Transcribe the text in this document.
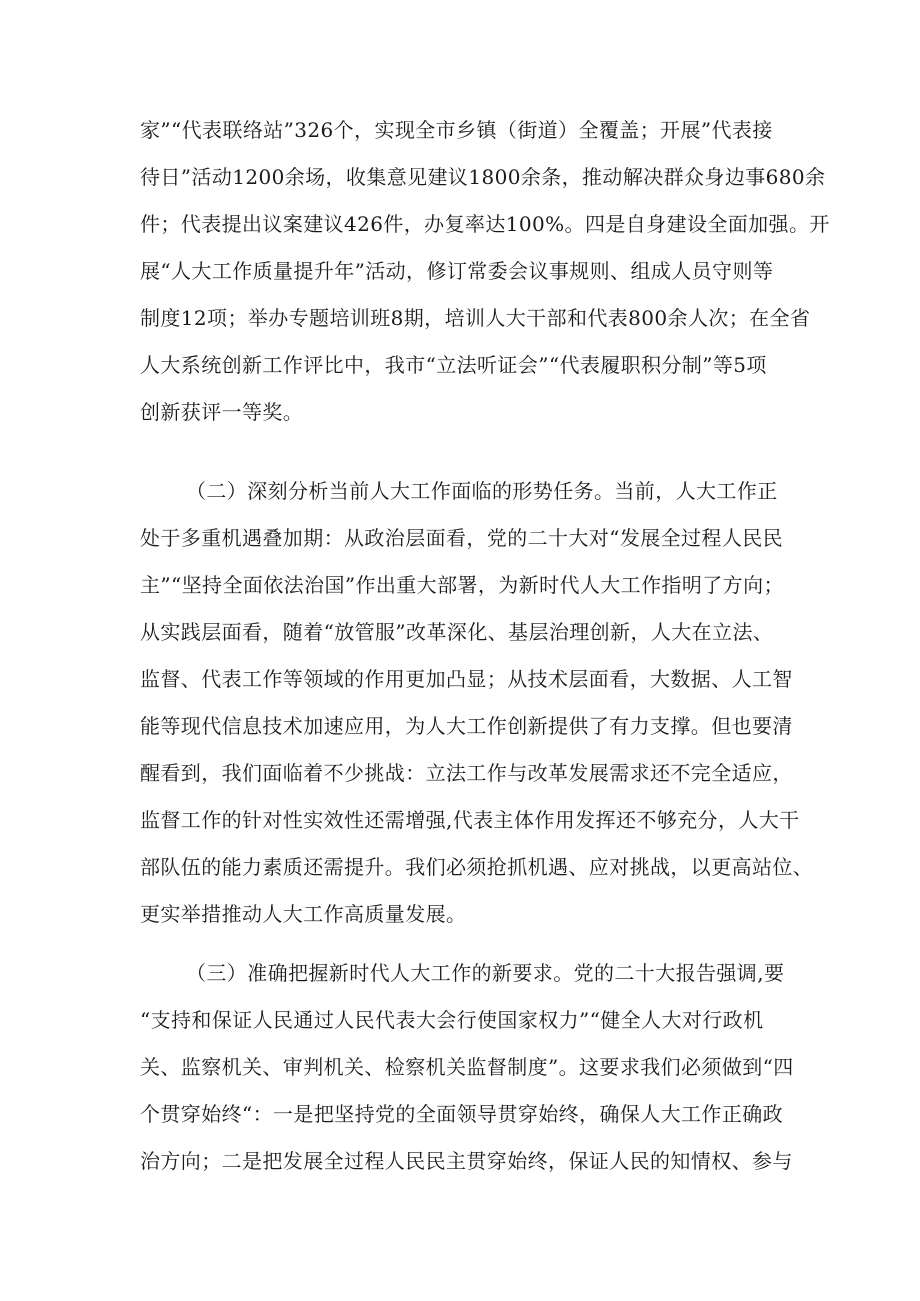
家”“代表联络站”326个，实现全市乡镇（街道）全覆盖；开展”代表接
待日”活动1200余场，收集意见建议1800余条，推动解决群众身边事680余
件；代表提出议案建议426件，办复率达100%。四是自身建设全面加强。开
展“人大工作质量提升年”活动，修订常委会议事规则、组成人员守则等
制度12项；举办专题培训班8期，培训人大干部和代表800余人次；在全省
人大系统创新工作评比中，我市“立法听证会”“代表履职积分制”等5项
创新获评一等奖。

（二）深刻分析当前人大工作面临的形势任务。当前，人大工作正
处于多重机遇叠加期：从政治层面看，党的二十大对“发展全过程人民民
主”“坚持全面依法治国”作出重大部署，为新时代人大工作指明了方向；
从实践层面看，随着“放管服”改革深化、基层治理创新，人大在立法、
监督、代表工作等领域的作用更加凸显；从技术层面看，大数据、人工智
能等现代信息技术加速应用，为人大工作创新提供了有力支撑。但也要清
醒看到，我们面临着不少挑战：立法工作与改革发展需求还不完全适应，
监督工作的针对性实效性还需增强,代表主体作用发挥还不够充分，人大干
部队伍的能力素质还需提升。我们必须抢抓机遇、应对挑战，以更高站位、
更实举措推动人大工作高质量发展。

（三）准确把握新时代人大工作的新要求。党的二十大报告强调,要
“支持和保证人民通过人民代表大会行使国家权力”“健全人大对行政机
关、监察机关、审判机关、检察机关监督制度”。这要求我们必须做到“四
个贯穿始终“：一是把坚持党的全面领导贯穿始终，确保人大工作正确政
治方向；二是把发展全过程人民民主贯穿始终，保证人民的知情权、参与
